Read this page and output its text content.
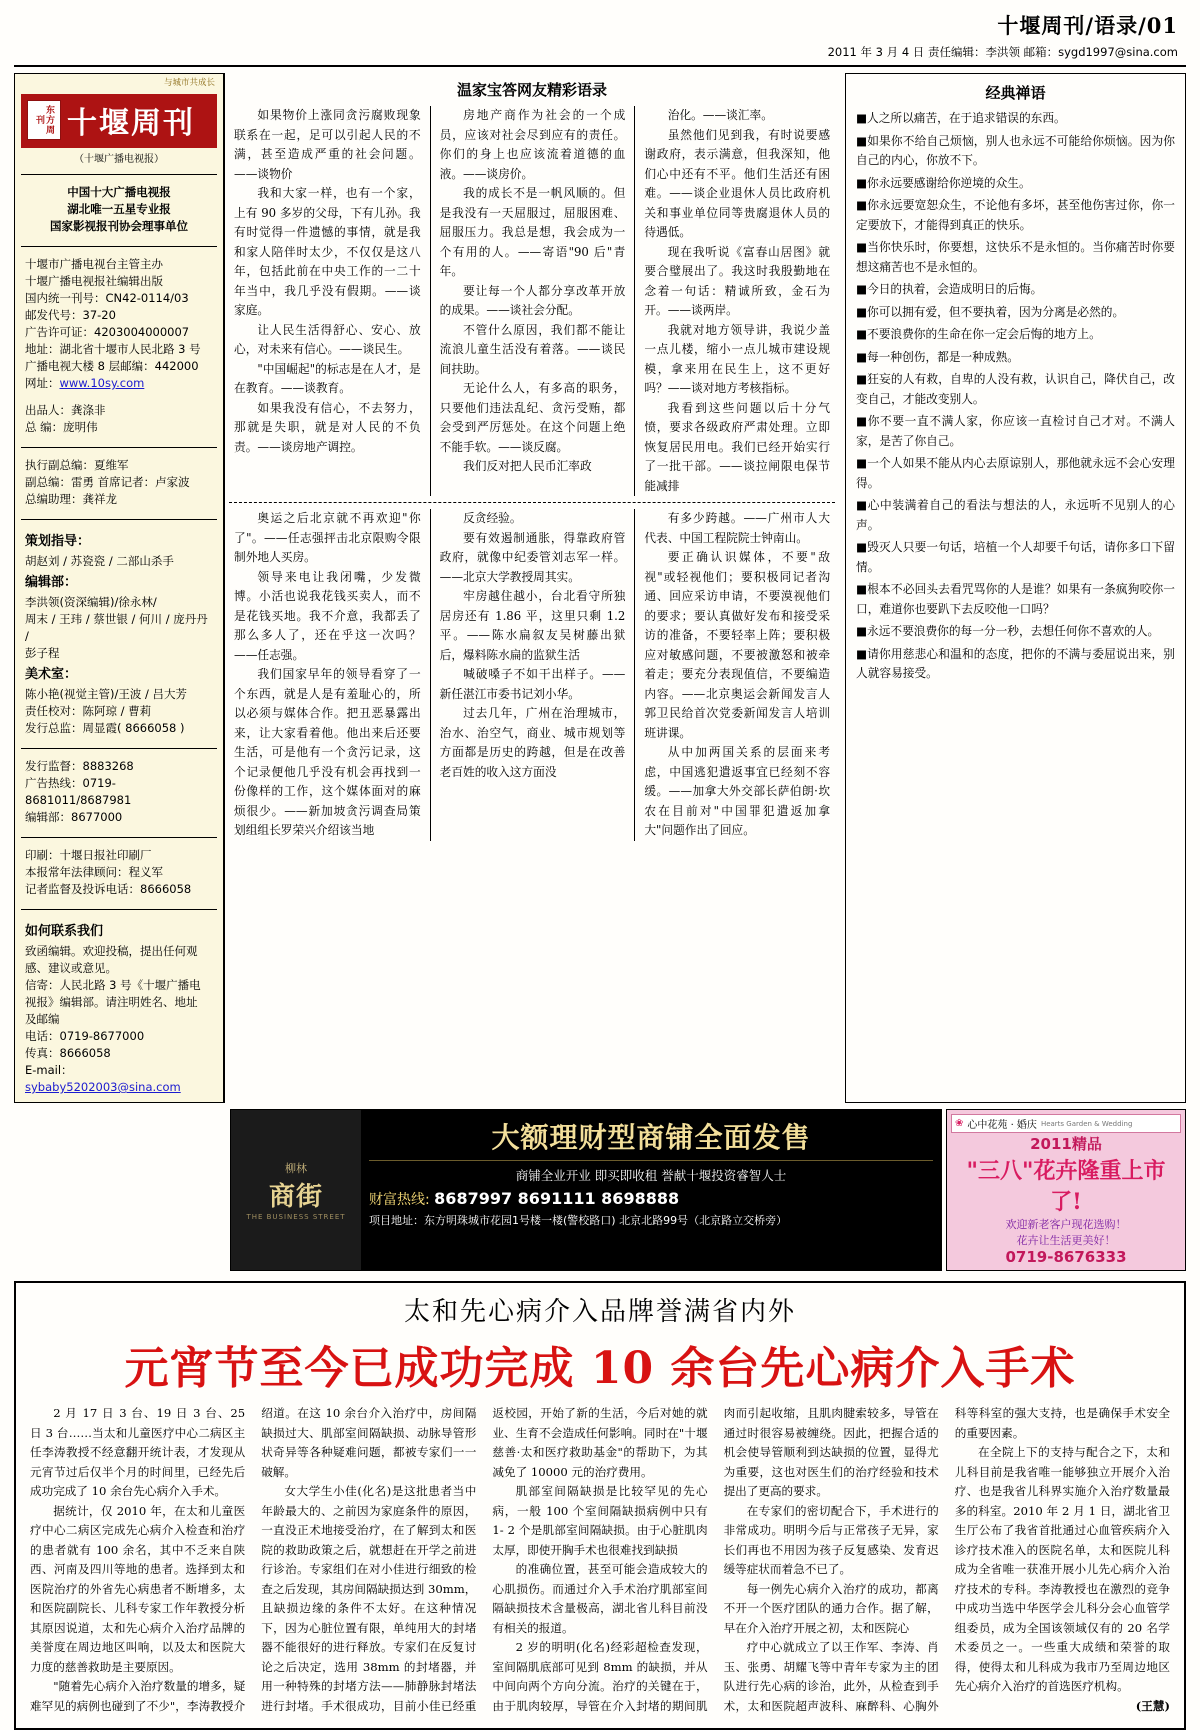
十堰周刊/语录/01
2011 年 3 月 4 日 责任编辑：李洪领 邮箱：sygd1997@sina.com
与城市共成长
东方周刊 十堰周刊
（十堰广播电视报）
中国十大广播电视报
湖北唯一五星专业报
国家影视报刊协会理事单位
十堰市广播电视台主管主办
十堰广播电视报社编辑出版
国内统一刊号：CN42-0114/03
邮发代号：37-20
广告许可证：4203004000007
地址：湖北省十堰市人民北路 3 号
广播电视大楼 8 层邮编：442000
网址：www.10sy.com
出品人：龚涤非
总 编：庞明伟
执行副总编：夏维军
副总编：雷勇 首席记者：卢家波
总编助理：龚祥龙
策划指导：
胡赵刘 / 苏瓷瓷 / 二部山杀手
编辑部：
李洪领(资深编辑)/徐永林/
周末 / 王玮 / 蔡世银 / 何川 / 庞丹丹 /
彭子程
美术室：
陈小艳(视觉主管)/王波 / 吕大芳
责任校对：陈阿琼 / 曹莉
发行总监：周显霞( 8666058 )
发行监督：8883268
广告热线：0719-8681011/8687981
编辑部：8677000
印刷：十堰日报社印刷厂
本报常年法律顾问：程义军
记者监督及投诉电话：8666058
如何联系我们
致函编辑。欢迎投稿，提出任何观
感、建议或意见。
信寄：人民北路 3 号《十堰广播电
视报》编辑部。请注明姓名、地址
及邮编
电话：0719-8677000
传真：8666058
E-mail：
sybaby5202003@sina.com
温家宝答网友精彩语录

如果物价上涨同贪污腐败现象联系在一起，足可以引起人民的不满，甚至造成严重的社会问题。——谈物价

我和大家一样，也有一个家，上有 90 多岁的父母，下有儿孙。我有时觉得一件遗憾的事情，就是我和家人陪伴时太少，不仅仅是这八年，包括此前在中央工作的一二十年当中，我几乎没有假期。——谈家庭。

让人民生活得舒心、安心、放心，对未来有信心。——谈民生。

"中国崛起"的标志是在人才，是在教育。——谈教育。

如果我没有信心，不去努力，那就是失职，就是对人民的不负责。——谈房地产调控。

房地产商作为社会的一个成员，应该对社会尽到应有的责任。你们的身上也应该流着道德的血液。——谈房价。

我的成长不是一帆风顺的。但是我没有一天屈服过，屈服困难、屈服压力。我总是想，我会成为一个有用的人。——寄语"90 后"青年。

要让每一个人都分享改革开放的成果。——谈社会分配。

不管什么原因，我们都不能让流浪儿童生活没有着落。——谈民间扶助。

无论什么人，有多高的职务，只要他们违法乱纪、贪污受贿，都会受到严厉惩处。在这个问题上绝不能手软。——谈反腐。

我们反对把人民币汇率政

治化。——谈汇率。

虽然他们见到我，有时说要感谢政府，表示满意，但我深知，他们心中还有不平。他们生活还有困难。——谈企业退休人员比政府机关和事业单位同等贵腐退休人员的待遇低。

现在我听说《富春山居图》就要合璧展出了。我这时我殷勤地在念着一句话：精诚所致，金石为开。——谈两岸。

我就对地方领导讲，我说少盖一点儿楼，缩小一点儿城市建设规模，拿来用在民生上，这不更好吗？——谈对地方考核指标。

我看到这些问题以后十分气愤，要求各级政府严肃处理。立即恢复居民用电。我们已经开始实行了一批干部。——谈拉闸限电保节能减排

奥运之后北京就不再欢迎"你了"。——任志强抨击北京限购令限制外地人买房。

领导来电让我闭嘴，少发微博。小活也说我花钱买卖人，而不是花钱买地。我不介意，我都丢了那么多人了，还在乎这一次吗？——任志强。

我们国家早年的领导看穿了一个东西，就是人是有羞耻心的，所以必须与媒体合作。把丑恶暴露出来，让大家看着他。他出来后还要生活，可是他有一个贪污记录，这个记录便他几乎没有机会再找到一份像样的工作，这个媒体面对的麻烦很少。——新加坡贪污调查局策划组组长罗荣兴介绍该当地

反贪经验。

要有效遏制通胀，得靠政府管政府，就像中纪委管刘志军一样。——北京大学教授周其实。

牢房越住越小，台北看守所独居房还有 1.86 平，这里只剩 1.2 平。——陈水扁叙友吴树藤出狱后，爆料陈水扁的监狱生活

喊破嗓子不如干出样子。——新任湛江市委书记刘小华。

过去几年，广州在治理城市，治水、治空气，商业、城市规划等方面都是历史的跨越，但是在改善老百姓的收入这方面没

有多少跨越。——广州市人大代表、中国工程院院士钟南山。

要正确认识媒体，不要"敌视"或轻视他们；要积极同记者沟通、回应采访申请，不要漠视他们的要求；要认真做好发布和接受采访的准备，不要轻率上阵；要积极应对敏感问题，不要被激怒和被牵着走；要充分表现值信，不要编造内容。——北京奥运会新闻发言人郭卫民给首次党委新闻发言人培训班讲课。

从中加两国关系的层面来考虑，中国逃犯遣返事宜已经刻不容缓。——加拿大外交部长萨伯朗·坎农在目前对"中国罪犯遣返加拿大"问题作出了回应。

经典禅语

■人之所以痛苦，在于追求错误的东西。

■如果你不给自己烦恼，别人也永远不可能给你烦恼。因为你自己的内心，你放不下。

■你永远要感谢给你逆境的众生。

■你永远要宽恕众生，不论他有多坏，甚至他伤害过你，你一定要放下，才能得到真正的快乐。

■当你快乐时，你要想，这快乐不是永恒的。当你痛苦时你要想这痛苦也不是永恒的。

■今日的执着，会造成明日的后悔。

■你可以拥有爱，但不要执着，因为分离是必然的。

■不要浪费你的生命在你一定会后悔的地方上。

■每一种创伤，都是一种成熟。

■狂妄的人有救，自卑的人没有救，认识自己，降伏自己，改变自己，才能改变别人。

■你不要一直不满人家，你应该一直检讨自己才对。不满人家，是苦了你自己。

■一个人如果不能从内心去原谅别人，那他就永远不会心安理得。

■心中装满着自己的看法与想法的人，永远听不见别人的心声。

■毁灭人只要一句话，培植一个人却要千句话，请你多口下留情。

■根本不必回头去看咒骂你的人是谁？如果有一条疯狗咬你一口，难道你也要趴下去反咬他一口吗？

■永远不要浪费你的每一分一秒，去想任何你不喜欢的人。

■请你用慈悲心和温和的态度，把你的不满与委屈说出来，别人就容易接受。

柳林
商街
THE BUSINESS STREET
大额理财型商铺全面发售
商铺全业开业 即买即收租 誉献十堰投资睿智人士
财富热线: 8687997 8691111 8698888
项目地址：东方明珠城市花园1号楼一楼(警校路口) 北京北路99号（北京路立交桥旁）
❀ 心中花苑 · 婚庆 Hearts Garden & Wedding
2011精品
"三八"花卉隆重上市了!
欢迎新老客户现花选购！
花卉让生活更美好！
0719-8676333
太和先心病介入品牌誉满省内外
元宵节至今已成功完成 10 余台先心病介入手术

2 月 17 日 3 台、19 日 3 台、25 日 3 台……当太和儿童医疗中心二病区主任李涛教授不经意翻开统计表，才发现从元宵节过后仅半个月的时间里，已经先后成功完成了 10 余台先心病介入手术。

据统计，仅 2010 年，在太和儿童医疗中心二病区完成先心病介入检查和治疗的患者就有 100 余名，其中不乏来自陕西、河南及四川等地的患者。选择到太和医院治疗的外省先心病患者不断增多，太和医院副院长、儿科专家工作年教授分析其原因说道，太和先心病介入治疗品牌的美誉度在周边地区叫响，以及太和医院大力度的慈善救助是主要原因。

"随着先心病介入治疗数量的增多，疑难罕见的病例也碰到了不少"，李涛教授介绍道。在这 10 余台介入治疗中，房间隔缺损过大、肌部室间隔缺损、动脉导管形状奇异等各种疑难问题，都被专家们一一破解。

女大学生小佳(化名)是这批患者当中年龄最大的、之前因为家庭条件的原因，一直没正术地接受治疗，在了解到太和医院的救助政策之后，就想赶在开学之前进行诊治。专家组们在对小佳进行细致的检查之后发现，其房间隔缺损达到 30mm，且缺损边缘的条件不太好。在这种情况下，因为心脏位置有限，单纯用大的封堵器不能很好的进行释放。专家们在反复讨论之后决定，选用 38mm 的封堵器，并用一种特殊的封堵方法——肺静脉封堵法进行封堵。手术很成功，目前小佳已经重返校园，开始了新的生活，今后对她的就业、生育不会造成任何影响。同时在"十堰慈善·太和医疗救助基金"的帮助下，为其减免了 10000 元的治疗费用。

肌部室间隔缺损是比较罕见的先心病，一般 100 个室间隔缺损病例中只有 1- 2 个是肌部室间隔缺损。由于心脏肌肉太厚，即使开胸手术也很难找到缺损

的准确位置，甚至可能会造成较大的心肌损伤。而通过介入手术治疗肌部室间隔缺损技术含量极高，湖北省儿科目前没有相关的报道。

2 岁的明明(化名)经彩超检查发现，室间隔肌底部可见到 8mm 的缺损，并从中间向两个方向分流。治疗的关键在于，由于肌肉较厚，导管在介入封堵的期间肌肉而引起收缩，且肌肉腱索较多，导管在通过时很容易被缠绕。因此，把握合适的机会使导管顺利到达缺损的位置，显得尤为重要，这也对医生们的治疗经验和技术提出了更高的要求。

在专家们的密切配合下，手术进行的非常成功。明明今后与正常孩子无异，家长们再也不用因为孩子反复感染、发育迟缓等症状而着急不已了。

每一例先心病介入治疗的成功，都离不开一个医疗团队的通力合作。据了解，早在介入治疗开展之初，太和医院心

疗中心就成立了以王作军、李涛、肖玉、张勇、胡耀飞等中青年专家为主的团队进行先心病的诊治，此外，从检查到手术，太和医院超声波科、麻醉科、心胸外科等科室的强大支持，也是确保手术安全的重要因素。

在全院上下的支持与配合之下，太和儿科目前是我省唯一能够独立开展介入治疗、也是我省儿科界实施介入治疗数量最多的科室。2010 年 2 月 1 日，湖北省卫生厅公布了我省首批通过心血管疾病介入诊疗技术准入的医院名单，太和医院儿科成为全省唯一获准开展小儿先心病介入治疗技术的专科。李涛教授也在激烈的竞争中成功当选中华医学会儿科分会心血管学组委员，成为全国该领域仅有的 20 名学术委员之一。一些重大成绩和荣誉的取得，使得太和儿科成为我市乃至周边地区先心病介入治疗的首选医疗机构。

(王慧)
